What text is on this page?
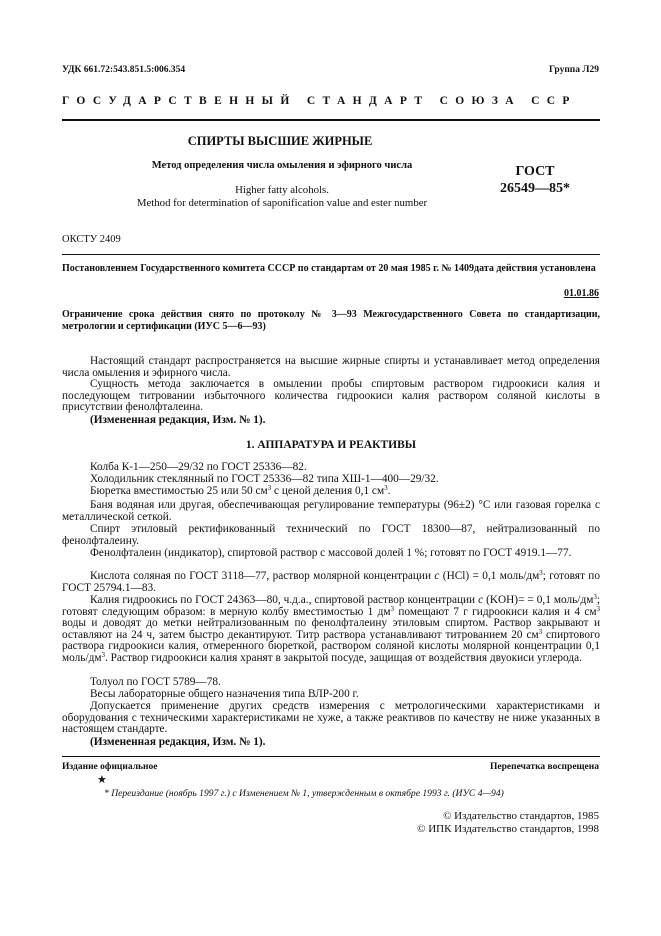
УДК 661.72:543.851.5:006.354	Группа Л29
ГОСУДАРСТВЕННЫЙ СТАНДАРТ СОЮЗА ССР
СПИРТЫ ВЫСШИЕ ЖИРНЫЕ
Метод определения числа омыления и эфирного числа
Higher fatty alcohols.
Method for determination of saponification value and ester number
ГОСТ
26549—85*
ОКСТУ 2409
Постановлением Государственного комитета СССР по стандартам от 20 мая 1985 г. № 1409дата действия установлена
01.01.86
Ограничение срока действия снято по протоколу № 3—93 Межгосударственного Совета по стандартизации, метрологии и сертификации (ИУС 5—6—93)
Настоящий стандарт распространяется на высшие жирные спирты и устанавливает метод определения числа омыления и эфирного числа.
Сущность метода заключается в омылении пробы спиртовым раствором гидроокиси калия и последующем титровании избыточного количества гидроокиси калия раствором соляной кислоты в присутствии фенолфталеина.
(Измененная редакция, Изм. № 1).
1. АППАРАТУРА И РЕАКТИВЫ
Колба К-1—250—29/32 по ГОСТ 25336—82.
Холодильник стеклянный по ГОСТ 25336—82 типа ХШ-1—400—29/32.
Бюретка вместимостью 25 или 50 $см^3$ с ценой деления 0,1 $см^3$.
Баня водяная или другая, обеспечивающая регулирование температуры (96±2) °С или газовая горелка с металлической сеткой.
Спирт этиловый ректификованный технический по ГОСТ 18300—87, нейтрализованный по фенолфталеину.
Фенолфталеин (индикатор), спиртовой раствор с массовой долей 1 %; готовят по ГОСТ 4919.1—77.
Кислота соляная по ГОСТ 3118—77, раствор молярной концентрации c (HCl) = 0,1 моль/$дм^3$; готовят по ГОСТ 25794.1—83.
Калия гидроокись по ГОСТ 24363—80, ч.д.а., спиртовой раствор концентрации c (KOH)= = 0,1 моль/$дм^3$; готовят следующим образом: в мерную колбу вместимостью 1 $дм^3$ помещают 7 г гидроокиси калия и 4 $см^3$ воды и доводят до метки нейтрализованным по фенолфталеину этиловым спиртом. Раствор закрывают и оставляют на 24 ч, затем быстро декантируют. Титр раствора устанавливают титрованием 20 $см^3$ спиртового раствора гидроокиси калия, отмеренного бюреткой, раствором соляной кислоты молярной концентрации 0,1 моль/$дм^3$. Раствор гидроокиси калия хранят в закрытой посуде, защищая от воздействия двуокиси углерода.
Толуол по ГОСТ 5789—78.
Весы лабораторные общего назначения типа ВЛР-200 г.
Допускается применение других средств измерения с метрологическими характеристиками и оборудования с техническими характеристиками не хуже, а также реактивов по качеству не ниже указанных в настоящем стандарте.
(Измененная редакция, Изм. № 1).
Издание официальное	Перепечатка воспрещена
★
* Переиздание (ноябрь 1997 г.) с Изменением № 1, утвержденным в октябре 1993 г. (ИУС 4—94)
© Издательство стандартов, 1985
© ИПК Издательство стандартов, 1998
